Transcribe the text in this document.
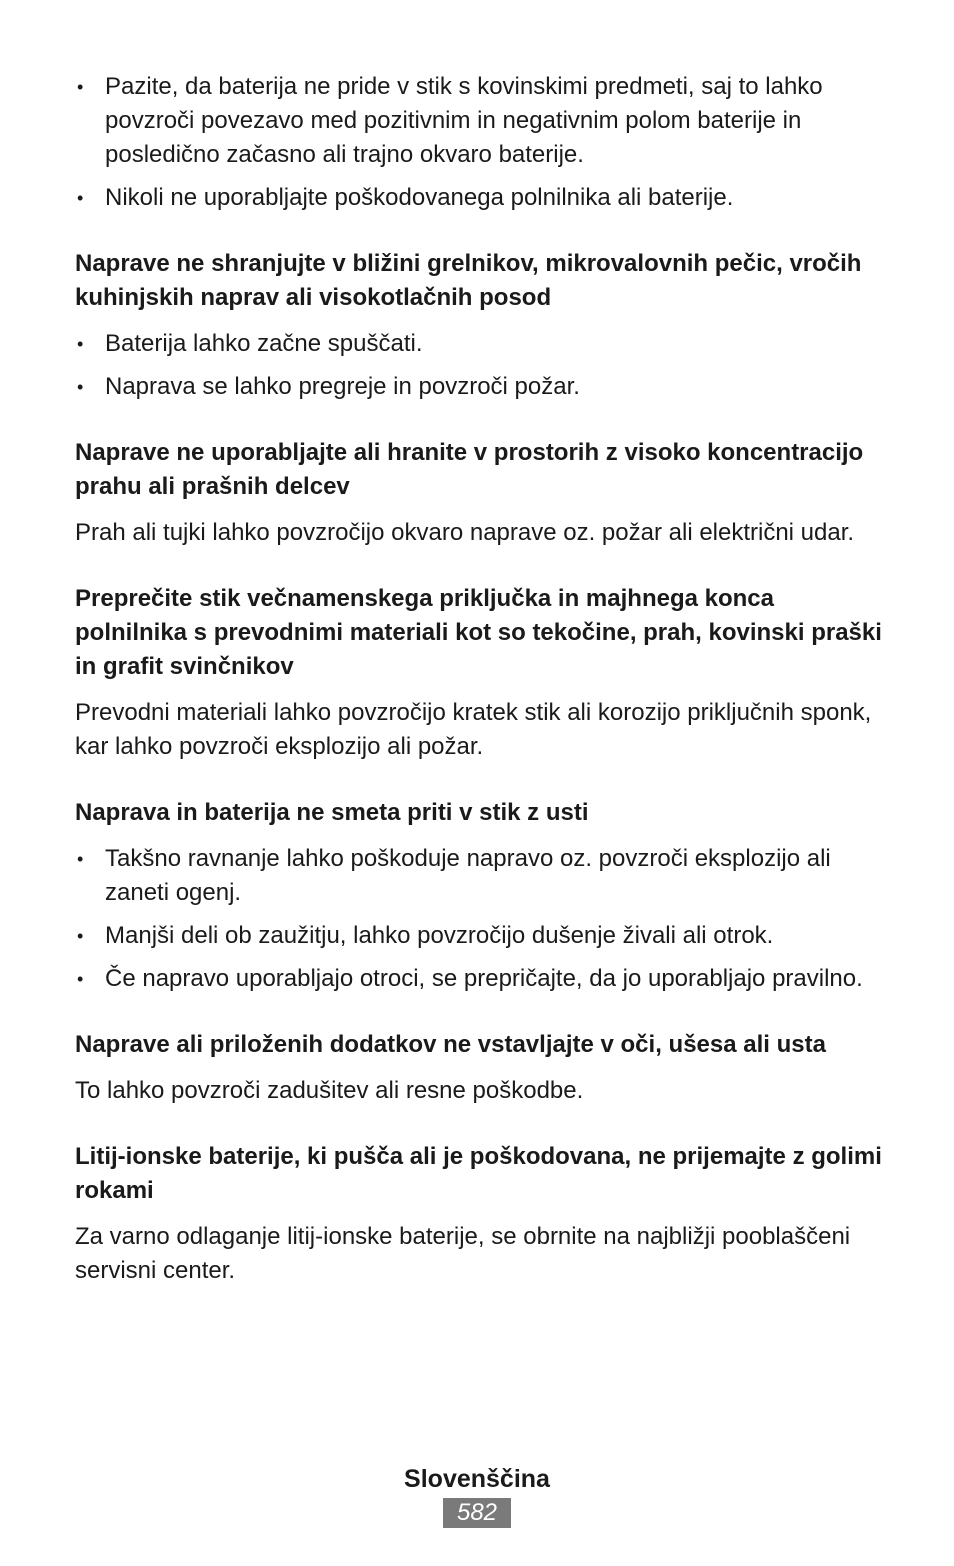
• Pazite, da baterija ne pride v stik s kovinskimi predmeti, saj to lahko povzroči povezavo med pozitivnim in negativnim polom baterije in posledično začasno ali trajno okvaro baterije.
• Nikoli ne uporabljajte poškodovanega polnilnika ali baterije.

Naprave ne shranjujte v bližini grelnikov, mikrovalovnih pečic, vročih kuhinjskih naprav ali visokotlačnih posod

• Baterija lahko začne spuščati.
• Naprava se lahko pregreje in povzroči požar.

Naprave ne uporabljajte ali hranite v prostorih z visoko koncentracijo prahu ali prašnih delcev

Prah ali tujki lahko povzročijo okvaro naprave oz. požar ali električni udar.

Preprečite stik večnamenskega priključka in majhnega konca polnilnika s prevodnimi materiali kot so tekočine, prah, kovinski praški in grafit svinčnikov

Prevodni materiali lahko povzročijo kratek stik ali korozijo priključnih sponk, kar lahko povzroči eksplozijo ali požar.

Naprava in baterija ne smeta priti v stik z usti

• Takšno ravnanje lahko poškoduje napravo oz. povzroči eksplozijo ali zaneti ogenj.
• Manjši deli ob zaužitju, lahko povzročijo dušenje živali ali otrok.
• Če napravo uporabljajo otroci, se prepričajte, da jo uporabljajo pravilno.

Naprave ali priloženih dodatkov ne vstavljajte v oči, ušesa ali usta

To lahko povzroči zadušitev ali resne poškodbe.

Litij-ionske baterije, ki pušča ali je poškodovana, ne prijemajte z golimi rokami

Za varno odlaganje litij-ionske baterije, se obrnite na najbližji pooblaščeni servisni center.

Slovenščina
582
